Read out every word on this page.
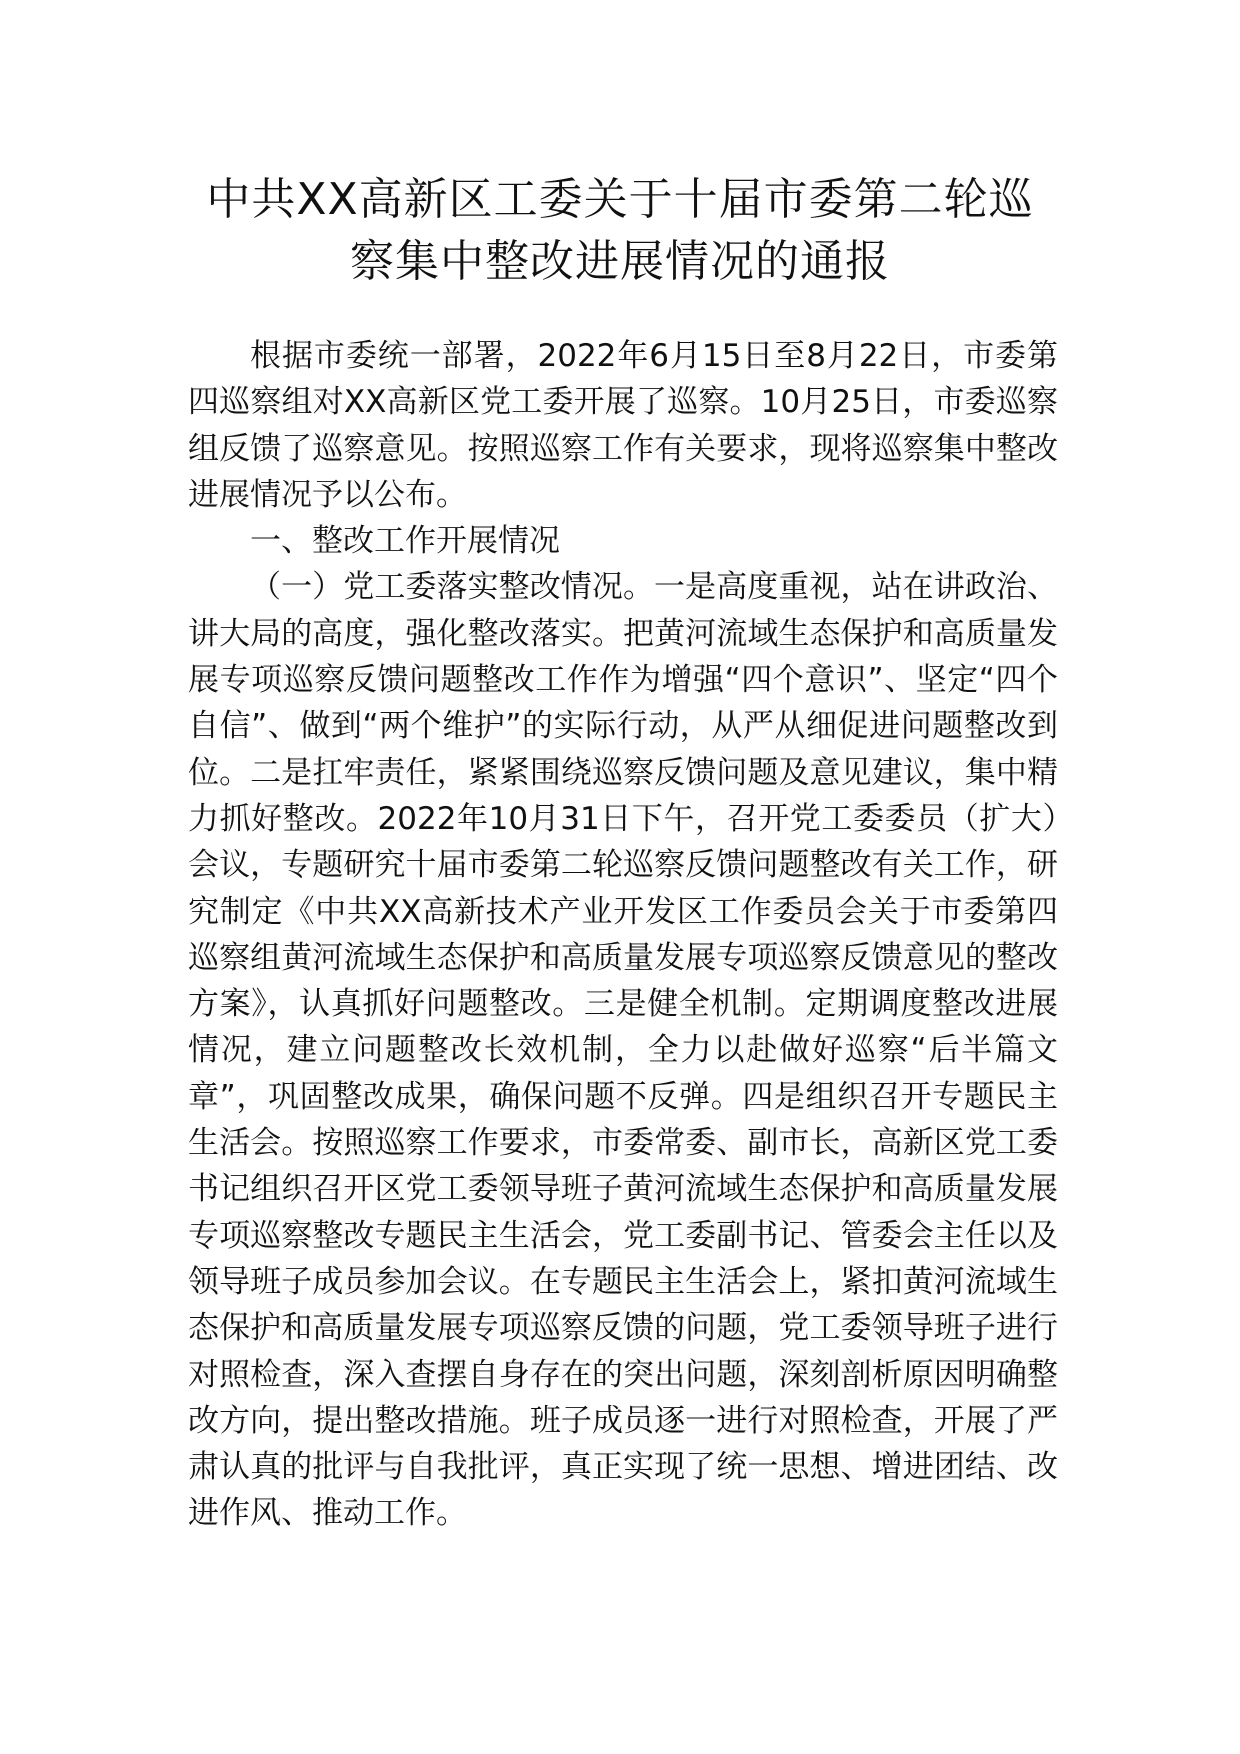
中共XX高新区工委关于十届市委第二轮巡
察集中整改进展情况的通报

根据市委统一部署，2022年6月15日至8月22日，市委第四巡察组对XX高新区党工委开展了巡察。10月25日，市委巡察组反馈了巡察意见。按照巡察工作有关要求，现将巡察集中整改进展情况予以公布。

一、整改工作开展情况

（一）党工委落实整改情况。一是高度重视，站在讲政治、讲大局的高度，强化整改落实。把黄河流域生态保护和高质量发展专项巡察反馈问题整改工作作为增强“四个意识”、坚定“四个自信”、做到“两个维护”的实际行动，从严从细促进问题整改到位。二是扛牢责任，紧紧围绕巡察反馈问题及意见建议，集中精力抓好整改。2022年10月31日下午，召开党工委委员（扩大）会议，专题研究十届市委第二轮巡察反馈问题整改有关工作，研究制定《中共XX高新技术产业开发区工作委员会关于市委第四巡察组黄河流域生态保护和高质量发展专项巡察反馈意见的整改方案》，认真抓好问题整改。三是健全机制。定期调度整改进展情况，建立问题整改长效机制，全力以赴做好巡察“后半篇文章”，巩固整改成果，确保问题不反弹。四是组织召开专题民主生活会。按照巡察工作要求，市委常委、副市长，高新区党工委书记组织召开区党工委领导班子黄河流域生态保护和高质量发展专项巡察整改专题民主生活会，党工委副书记、管委会主任以及领导班子成员参加会议。在专题民主生活会上，紧扣黄河流域生态保护和高质量发展专项巡察反馈的问题，党工委领导班子进行对照检查，深入查摆自身存在的突出问题，深刻剖析原因明确整改方向，提出整改措施。班子成员逐一进行对照检查，开展了严肃认真的批评与自我批评，真正实现了统一思想、增进团结、改进作风、推动工作。
